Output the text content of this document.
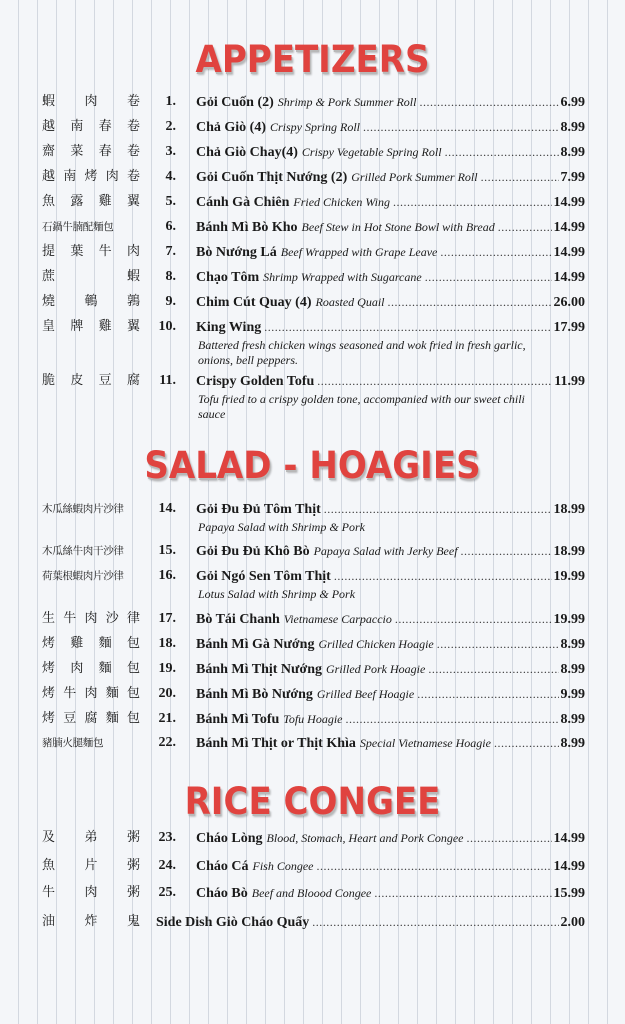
APPETIZERS
蝦 肉 卷	1. Gỏi Cuốn (2) Shrimp & Pork Summer Roll .....	6.99
越 南 春 卷	2. Chả Giò (4) Crispy Spring Roll .....	8.99
齋 菜 春 卷	3. Chả Giò Chay(4) Crispy Vegetable Spring Roll .....	8.99
越 南 烤 肉 卷	4. Gỏi Cuốn Thịt Nướng (2) Grilled Pork Summer Roll .....	7.99
魚 露 雞 翼	5. Cánh Gà Chiên Fried Chicken Wing .....	14.99
石鍋牛腩配麵包	6. Bánh Mì Bò Kho Beef Stew in Hot Stone Bowl with Bread .....	14.99
提 葉 牛 肉	7. Bò Nướng Lá Beef Wrapped with Grape Leave .....	14.99
蔗	蝦	8. Chạo Tôm Shrimp Wrapped with Sugarcane .....	14.99
燒 鵪 鶉	9. Chim Cút Quay (4) Roasted Quail .....	26.00
皇 牌 雞 翼	10. King Wing .....	17.99
Battered fresh chicken wings seasoned and wok fried in fresh garlic, onions, bell peppers.
脆 皮 豆 腐	11. Crispy Golden Tofu .....	11.99
Tofu fried to a crispy golden tone, accompanied with our sweet chili sauce
SALAD - HOAGIES
木瓜絲蝦肉片沙律	14. Gỏi Đu Đủ Tôm Thịt .....	18.99
Papaya Salad with Shrimp & Pork
木瓜絲牛肉干沙律	15. Gỏi Đu Đủ Khô Bò Papaya Salad with Jerky Beef .....	18.99
荷葉根蝦肉片沙律	16. Gỏi Ngó Sen Tôm Thịt .....	19.99
Lotus Salad with Shrimp & Pork
生 牛 肉 沙 律	17. Bò Tái Chanh Vietnamese Carpaccio .....	19.99
烤 雞 麵 包	18. Bánh Mì Gà Nướng Grilled Chicken Hoagie .....	8.99
烤 肉 麵 包	19. Bánh Mì Thịt Nướng Grilled Pork Hoagie .....	8.99
烤 牛 肉 麵 包	20. Bánh Mì Bò Nướng Grilled Beef Hoagie .....	9.99
烤 豆 腐 麵 包	21. Bánh Mì Tofu Tofu Hoagie .....	8.99
豬腩火腿麵包	22. Bánh Mì Thịt or Thịt Khìa Special Vietnamese Hoagie .....	8.99
RICE CONGEE
及 弟 粥	23. Cháo Lòng Blood, Stomach, Heart and Pork Congee .....	14.99
魚 片 粥	24. Cháo Cá Fish Congee .....	14.99
牛 肉 粥	25. Cháo Bò Beef and Bloood Congee .....	15.99
油 炸 鬼 Side Dish Giò Cháo Quẩy .....	2.00
